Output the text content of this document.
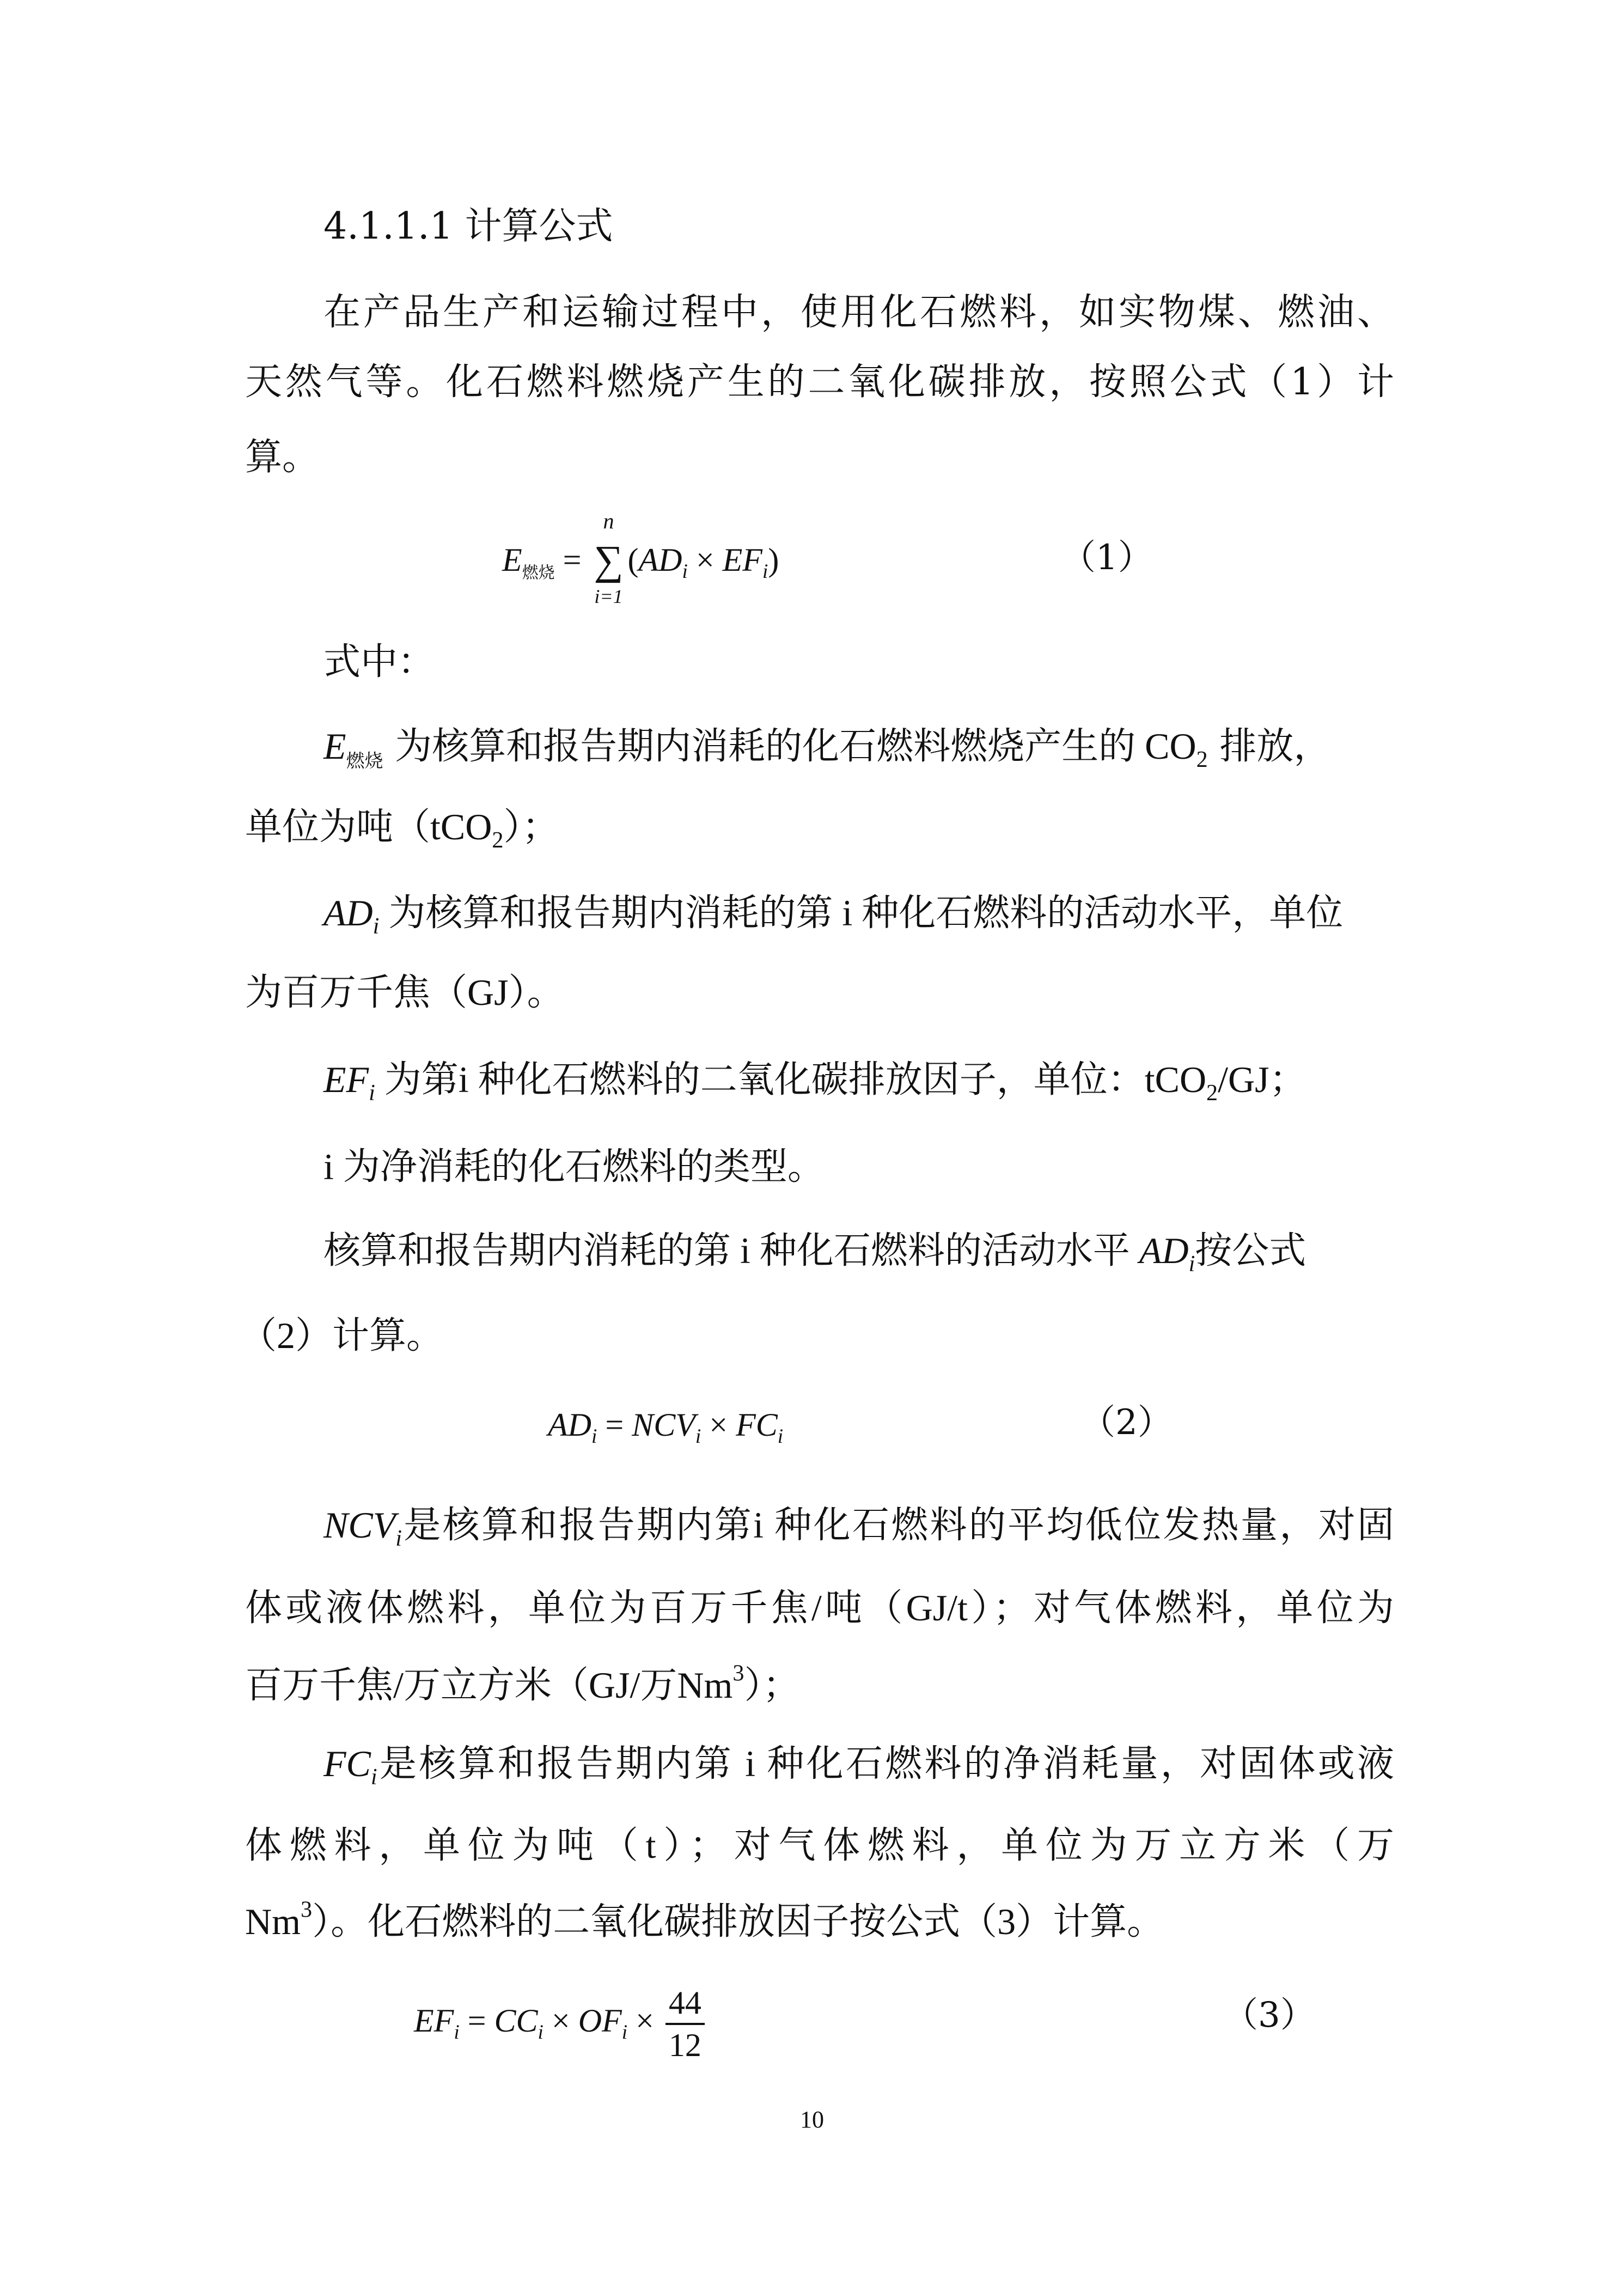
4.1.1.1 计算公式
在产品生产和运输过程中，使用化石燃料，如实物煤、燃油、
天然气等。化石燃料燃烧产生的二氧化碳排放，按照公式（1）计
算。
$E_{燃烧}$ =
n
∑
i=1
$(AD_i \times EF_i)$	（1）
式中：
$E_{燃烧}$ 为核算和报告期内消耗的化石燃料燃烧产生的 $CO_2$ 排放，
单位为吨（tCO$_2$）；
$AD_i$ 为核算和报告期内消耗的第 i 种化石燃料的活动水平，单位
为百万千焦（GJ）。
$EF_i$ 为第i 种化石燃料的二氧化碳排放因子，单位：tCO$_2$/GJ；
i 为净消耗的化石燃料的类型。
核算和报告期内消耗的第 i 种化石燃料的活动水平 $AD_i$按公式
（2）计算。
$AD_i = NCV_i \times FC_i$	（2）
$NCV_i$是核算和报告期内第i 种化石燃料的平均低位发热量，对固
体或液体燃料，单位为百万千焦/吨（GJ/t）；对气体燃料，单位为
百万千焦/万立方米（GJ/万Nm$^3$）；
$FC_i$是核算和报告期内第 i 种化石燃料的净消耗量，对固体或液
体燃料，单位为吨（t）；对气体燃料，单位为万立方米（万
Nm$^3$）。化石燃料的二氧化碳排放因子按公式（3）计算。
$EF_i = CC_i \times OF_i \times \frac{44}{12}$	（3）
10
